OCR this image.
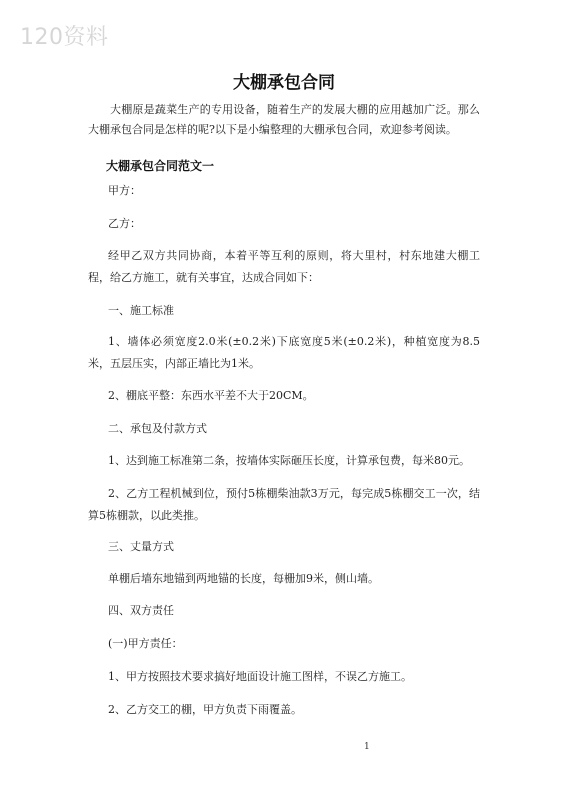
120资料
大棚承包合同
大棚原是蔬菜生产的专用设备，随着生产的发展大棚的应用越加广泛。那么大棚承包合同是怎样的呢?以下是小编整理的大棚承包合同，欢迎参考阅读。
大棚承包合同范文一
甲方：
乙方：
经甲乙双方共同协商，本着平等互利的原则，将大里村，村东地建大棚工程，给乙方施工，就有关事宜，达成合同如下：
一、施工标准
1、墙体必须宽度2.0米(±0.2米)下底宽度5米(±0.2米)，种植宽度为8.5米，五层压实，内部正墙比为1米。
2、棚底平整：东西水平差不大于20CM。
二、承包及付款方式
1、达到施工标准第二条，按墙体实际砸压长度，计算承包费，每米80元。
2、乙方工程机械到位，预付5栋棚柴油款3万元，每完成5栋棚交工一次，结算5栋棚款，以此类推。
三、丈量方式
单棚后墙东地锚到两地锚的长度，每栅加9米，侧山墙。
四、双方责任
(一)甲方责任：
1、甲方按照技术要求搞好地面设计施工图样，不误乙方施工。
2、乙方交工的棚，甲方负责下雨覆盖。
1
